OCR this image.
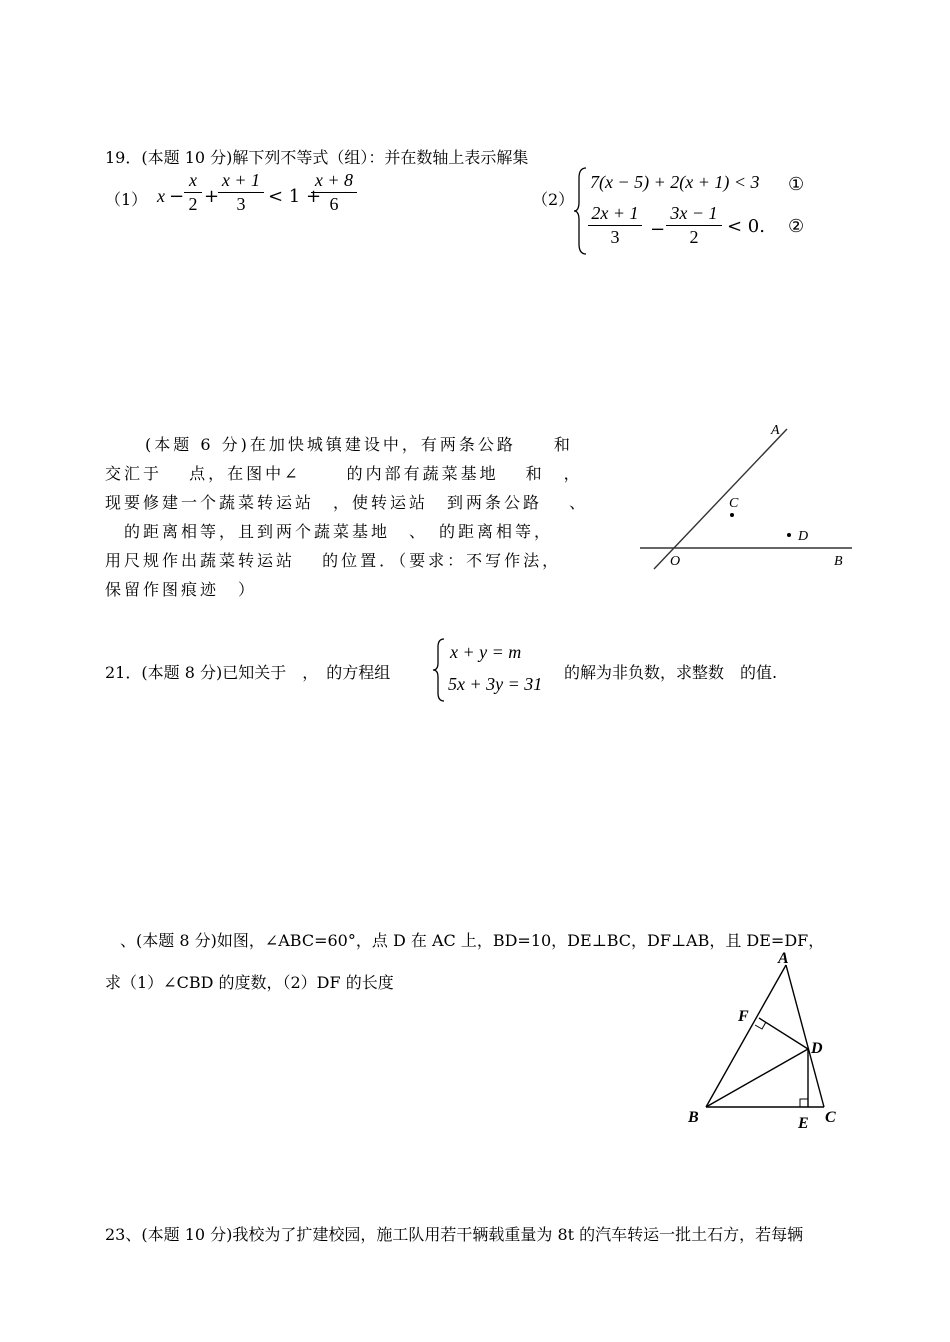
19．(本题 10 分)解下列不等式（组）：并在数轴上表示解集
（1） x −
x
2 +
x + 1
3	< 1 +
x + 8
6	（2）
7(x − 5) + 2(x + 1) < 3 ①
2x + 1
3	−
3x − 1
2	< 0. ②
(本题 6 分)在加快城镇建设中，有两条公路　　和
交汇于　 点，在图中∠　　 的内部有蔬菜基地　 和　，
现要修建一个蔬菜转运站　，使转运站　到两条公路　 、
　的距离相等，且到两个蔬菜基地　、　的距离相等，
用尺规作出蔬菜转运站　 的位置．（要求：不写作法，
保留作图痕迹　）
A
C
D
O	B
21．(本题 8 分)已知关于　，　的方程组
x + y = m
5x + 3y = 31
的解为非负数，求整数　的值.
、(本题 8 分)如图，∠ABC=60°，点 D 在 AC 上，BD=10，DE⊥BC，DF⊥AB，且 DE=DF，
求（1）∠CBD 的度数，（2）DF 的长度
A
F
D
B	E C
23、(本题 10 分)我校为了扩建校园，施工队用若干辆载重量为 8t 的汽车转运一批土石方，若每辆
